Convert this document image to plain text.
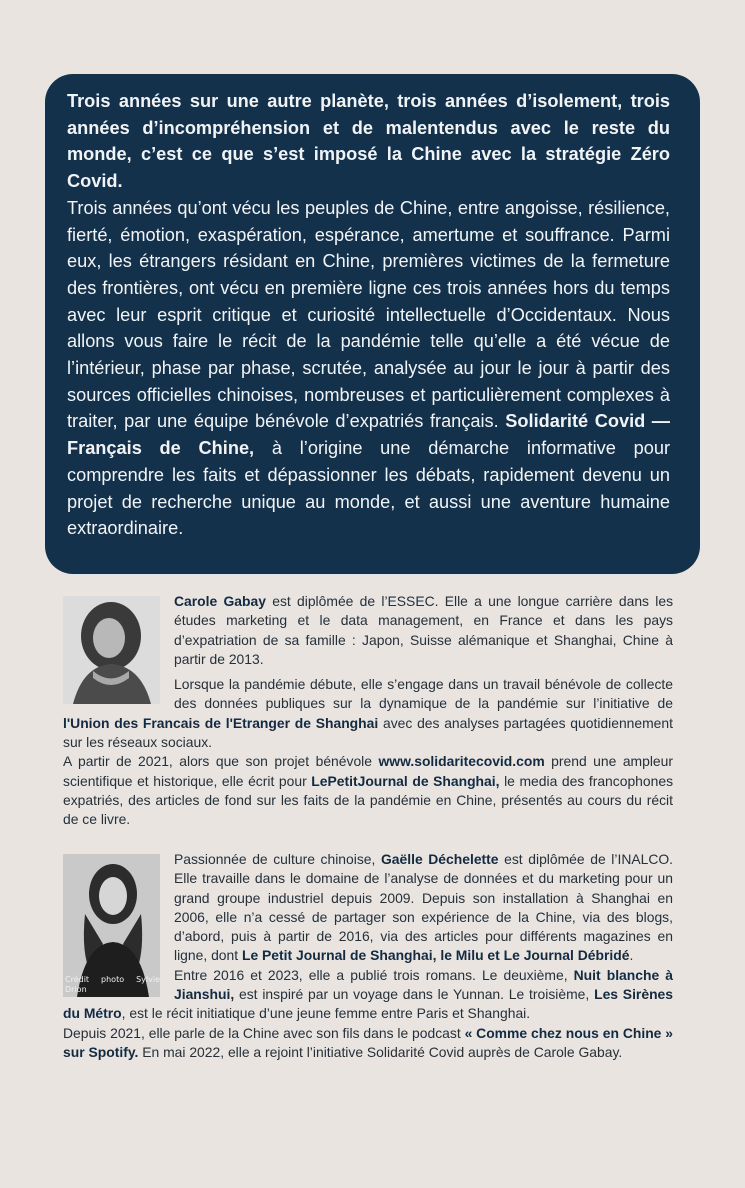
Trois années sur une autre planète, trois années d’isolement, trois années d’incompréhension et de malentendus avec le reste du monde, c’est ce que s’est imposé la Chine avec la stratégie Zéro Covid.

Trois années qu’ont vécu les peuples de Chine, entre angoisse, résilience, fierté, émotion, exaspération, espérance, amertume et souffrance. Parmi eux, les étrangers résidant en Chine, premières victimes de la fermeture des frontières, ont vécu en première ligne ces trois années hors du temps avec leur esprit critique et curiosité intellectuelle d’Occidentaux. Nous allons vous faire le récit de la pandémie telle qu’elle a été vécue de l’intérieur, phase par phase, scrutée, analysée au jour le jour à partir des sources officielles chinoises, nombreuses et particulièrement complexes à traiter, par une équipe bénévole d’expatriés français. Solidarité Covid — Français de Chine, à l’origine une démarche informative pour comprendre les faits et dépassionner les débats, rapidement devenu un projet de recherche unique au monde, et aussi une aventure humaine extraordinaire.

Carole Gabay est diplômée de l’ESSEC. Elle a une longue carrière dans les études marketing et le data management, en France et dans les pays d’expatriation de sa famille : Japon, Suisse alémanique et Shanghai, Chine à partir de 2013.

Lorsque la pandémie débute, elle s’engage dans un travail bénévole de collecte des données publiques sur la dynamique de la pandémie sur l’initiative de l'Union des Francais de l'Etranger de Shanghai avec des analyses partagées quotidiennement sur les réseaux sociaux.

A partir de 2021, alors que son projet bénévole www.solidaritecovid.com prend une ampleur scientifique et historique, elle écrit pour LePetitJournal de Shanghai, le media des francophones expatriés, des articles de fond sur les faits de la pandémie en Chine, présentés au cours du récit de ce livre.

Crédit photo Sylvie Drion

Passionnée de culture chinoise, Gaëlle Déchelette est diplômée de l’INALCO. Elle travaille dans le domaine de l’analyse de données et du marketing pour un grand groupe industriel depuis 2009. Depuis son installation à Shanghai en 2006, elle n’a cessé de partager son expérience de la Chine, via des blogs, d’abord, puis à partir de 2016, via des articles pour différents magazines en ligne, dont Le Petit Journal de Shanghai, le Milu et Le Journal Débridé.

Entre 2016 et 2023, elle a publié trois romans. Le deuxième, Nuit blanche à Jianshui, est inspiré par un voyage dans le Yunnan. Le troisième, Les Sirènes du Métro, est le récit initiatique d’une jeune femme entre Paris et Shanghai.

Depuis 2021, elle parle de la Chine avec son fils dans le podcast « Comme chez nous en Chine » sur Spotify. En mai 2022, elle a rejoint l’initiative Solidarité Covid auprès de Carole Gabay.
